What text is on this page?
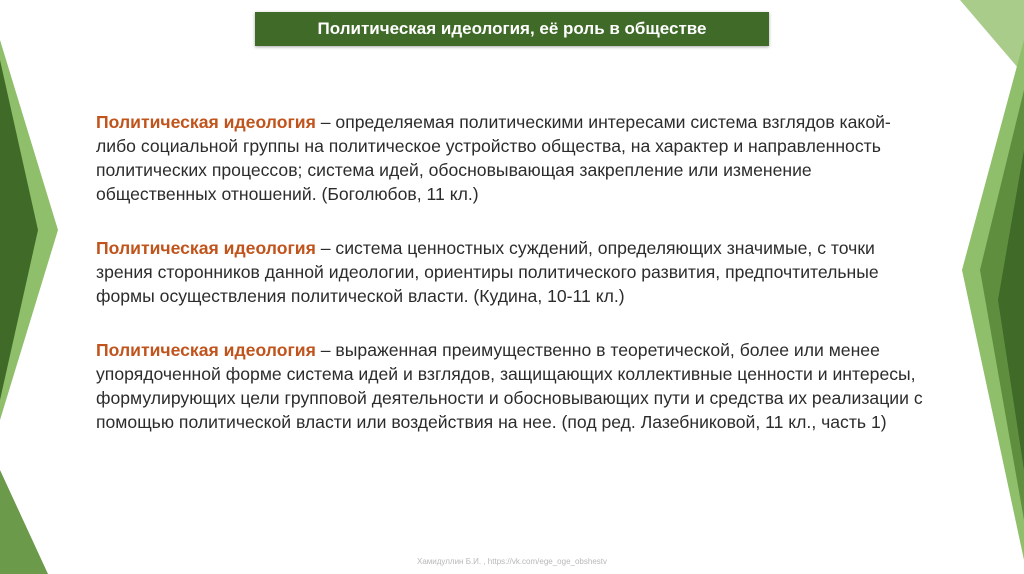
Политическая идеология, её роль в обществе

Политическая идеология – определяемая политическими интересами система взглядов какой-либо социальной группы на политическое устройство общества, на характер и направленность политических процессов; система идей, обосновывающая закрепление или изменение общественных отношений. (Боголюбов, 11 кл.)

Политическая идеология – система ценностных суждений, определяющих значимые, с точки зрения сторонников данной идеологии, ориентиры политического развития, предпочтительные формы осуществления политической власти. (Кудина, 10-11 кл.)

Политическая идеология – выраженная преимущественно в теоретической, более или менее упорядоченной форме система идей и взглядов, защищающих коллективные ценности и интересы, формулирующих цели групповой деятельности и обосновывающих пути и средства их реализации с помощью политической власти или воздействия на нее. (под ред. Лазебниковой, 11 кл., часть 1)

Хамидуллин Б.И. , https://vk.com/ege_oge_obshestv
